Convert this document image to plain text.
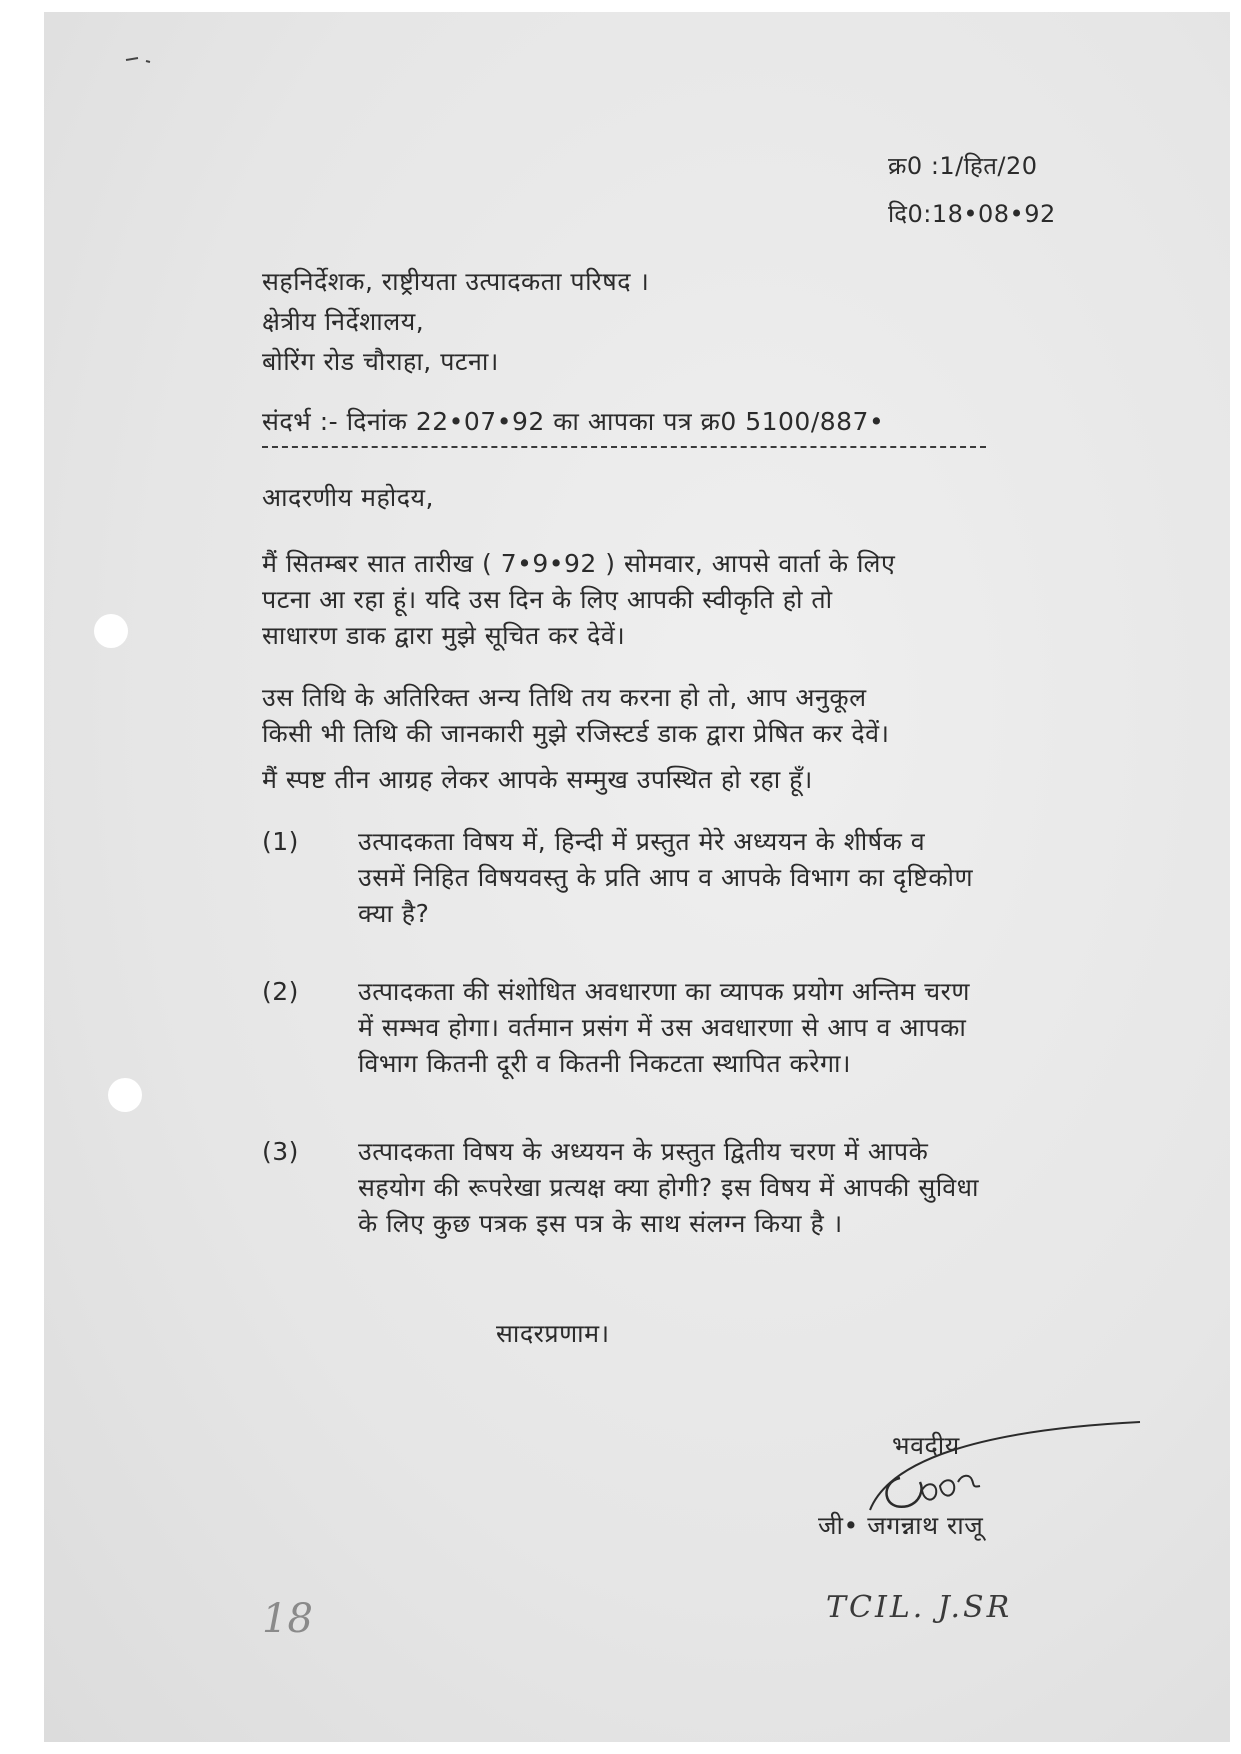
क्र0 :1/हित/20
दि0:18•08•92
सहनिर्देशक, राष्ट्रीयता उत्पादकता परिषद ।
क्षेत्रीय निर्देशालय,
बोरिंग रोड चौराहा, पटना।
संदर्भ :- दिनांक 22•07•92 का आपका पत्र क्र0 5100/887•
आदरणीय महोदय,
मैं सितम्बर सात तारीख ( 7•9•92 ) सोमवार, आपसे वार्ता के लिए
पटना आ रहा हूं। यदि उस दिन के लिए आपकी स्वीकृति हो तो
साधारण डाक द्वारा मुझे सूचित कर देवें।
उस तिथि के अतिरिक्त अन्य तिथि तय करना हो तो, आप अनुकूल
किसी भी तिथि की जानकारी मुझे रजिस्टर्ड डाक द्वारा प्रेषित कर देवें।
मैं स्पष्ट तीन आग्रह लेकर आपके सम्मुख उपस्थित हो रहा हूँ।
(1) उत्पादकता विषय में, हिन्दी में प्रस्तुत मेरे अध्ययन के शीर्षक व
उसमें निहित विषयवस्तु के प्रति आप व आपके विभाग का दृष्टिकोण
क्या है?
(2) उत्पादकता की संशोधित अवधारणा का व्यापक प्रयोग अन्तिम चरण
में सम्भव होगा। वर्तमान प्रसंग में उस अवधारणा से आप व आपका
विभाग कितनी दूरी व कितनी निकटता स्थापित करेगा।
(3) उत्पादकता विषय के अध्ययन के प्रस्तुत द्वितीय चरण में आपके
सहयोग की रूपरेखा प्रत्यक्ष क्या होगी? इस विषय में आपकी सुविधा
के लिए कुछ पत्रक इस पत्र के साथ संलग्न किया है ।
सादरप्रणाम।
भवदीय
जी• जगन्नाथ राजू
TCIL. J.SR
18
